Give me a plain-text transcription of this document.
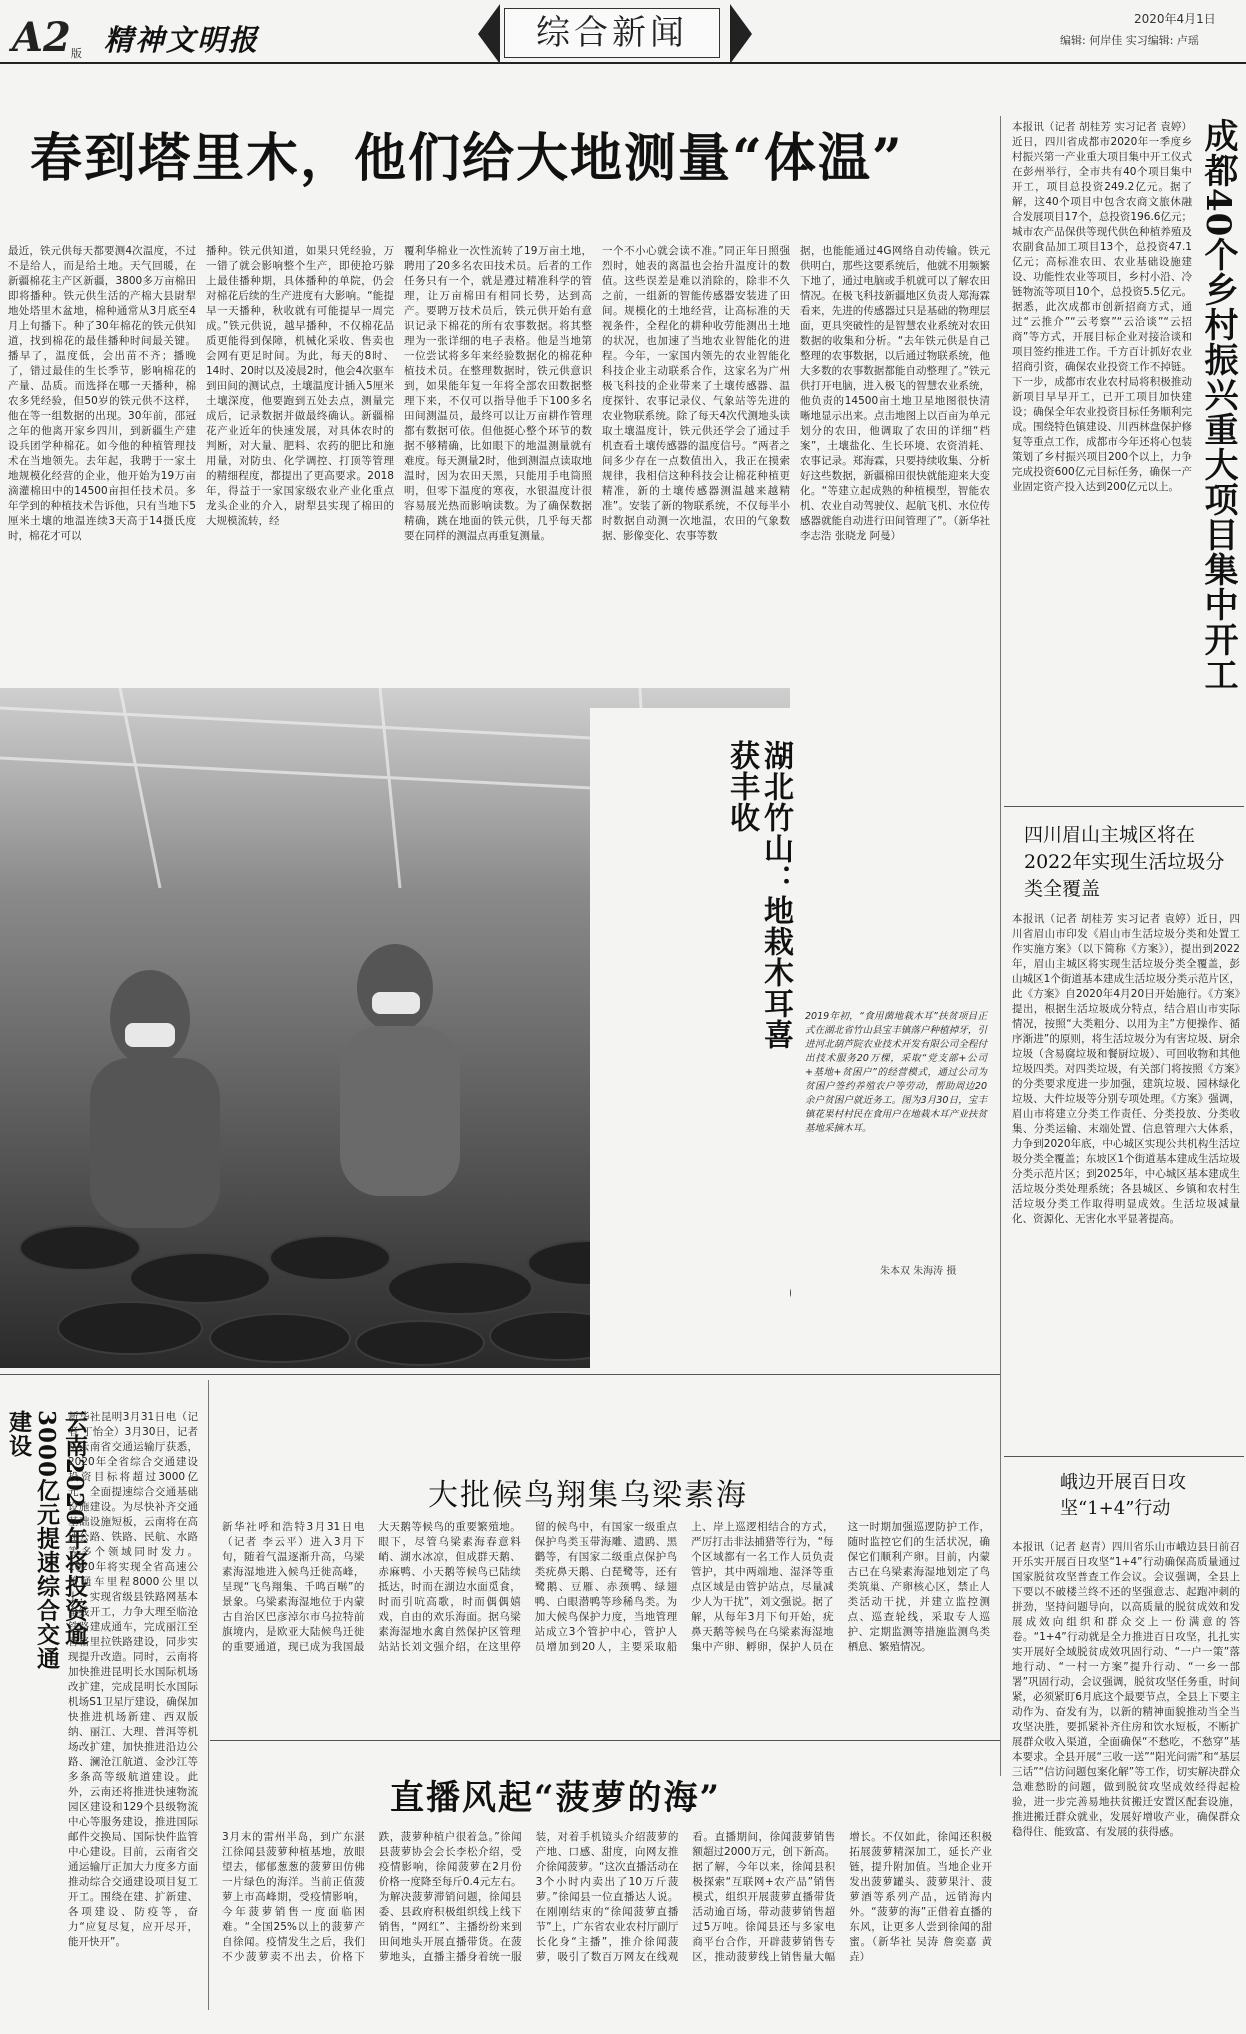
A2版 精神文明报	综合新闻	2020年4月1日
编辑: 何岸佳 实习编辑: 卢瑶
春到塔里木，他们给大地测量“体温”
最近，铁元供每天都要测4次温度，不过不是给人，而是给土地。天气回暖，在新疆棉花主产区新疆，3800多万亩棉田即将播种。铁元供生活的产棉大县尉犁地处塔里木盆地，棉种通常从3月底至4月上旬播下。种了30年棉花的铁元供知道，找到棉花的最佳播种时间最关键。播早了，温度低，会出苗不齐；播晚了，错过最佳的生长季节，影响棉花的产量、品质。而选择在哪一天播种，棉农多凭经验，但50岁的铁元供不这样，他在等一组数据的出现。30年前，邵冠之年的他离开家乡四川，到新疆生产建设兵团学种棉花。如今他的种植管理技术在当地领先。去年起，我聘于一家土地规模化经营的企业，他开始为19万亩滴灌棉田中的14500亩担任技术员。多年学到的种植技术告诉他，只有当地下5厘米土壤的地温连续3天高于14摄氏度时，棉花才可以
播种。铁元供知道，如果只凭经验，万一错了就会影响整个生产，即使抢巧躲上最佳播种期，具体播种的单院，仍会对棉花后续的生产进度有大影响。“能提早一天播种，秋收就有可能提早一周完成。”铁元供说，越早播种，不仅棉花品质更能得到保障，机械化采收、售卖也会网有更足时间。为此，每天的8时、14时、20时以及凌晨2时，他会4次驱车到田间的测试点，土壤温度计插入5厘米土壤深度，他要跑到五处去点，测量完成后，记录数据并做最终确认。新疆棉花产业近年的快速发展，对具体农时的判断，对大量、肥料、农药的肥比和施用量，对防虫、化学调控、打顶等管理的精细程度，都提出了更高要求。2018年，得益于一家国家级农业产业化重点龙头企业的介入，尉犁县实现了棉田的大规模流转，经
覆利华棉业一次性流转了19万亩土地，聘用了20多名农田技术员。后者的工作任务只有一个，就是遵过精准科学的管理，让万亩棉田有相同长势，达到高产。要聘万技术员后，铁元供开始有意识记录下棉花的所有农事数据。将其整理为一张详细的电子表格。他是当地第一位尝试将多年来经验数据化的棉花种植技术员。在整理数据时，铁元供意识到，如果能年复一年将全部农田数据整理下来，不仅可以指导他手下100多名田间测温员，最终可以让万亩耕作管理都有数据可依。但他挺心整个环节的数据不够精确，比如眼下的地温测量就有难度。每天测量2时，他到测温点读取地温时，因为农田天黑，只能用手电筒照明，但零下温度的寒夜，水银温度计很容易展光热而影响读数。为了确保数据精确，跳在地面的铁元供，几乎每天都要在同样的测温点再重复测量。
一个不小心就会读不准。”同正年日照强烈时，她表的离温也会抬升温度计的数值。这些误差是难以消除的，除非不久之前，一组新的智能传感器安装进了田间。规模化的土地经营，让高标准的天视条件，全程化的耕种收劳能测出土地的状况，也加速了当地农业智能化的进程。今年，一家国内领先的农业智能化科技企业主动联系合作，这家名为广州极飞科技的企业带来了土壤传感器、温度探针、农事记录仪、气象站等先进的农业物联系统。除了每天4次代测地头读取土壤温度计，铁元供还学会了通过手机查看土壤传感器的温度信号。“两者之间多少存在一点数值出入，我正在摸索规律，我相信这种科技会让棉花种植更精准，新的土壤传感器测温越来越精准”。安装了新的物联系统，不仅每半小时数据自动测一次地温，农田的气象数据、影像变化、农事等数
据，也能能通过4G网络自动传输。铁元供明白，那些这要系统后，他就不用频繁下地了，通过电脑或手机就可以了解农田情况。在极飞科技新疆地区负责人郑海霖看来，先进的传感器过只是基础的物理层面，更具突破性的是智慧农业系统对农田数据的收集和分析。“去年铁元供是自己整理的农事数据，以后通过物联系统，他大多数的农事数据都能自动整理了。”铁元供打开电脑，进入极飞的智慧农业系统，他负责的14500亩土地卫星地图很快清晰地显示出来。点击地图上以百亩为单元划分的农田，他调取了农田的详细“档案”，土壤盐化、生长环境、农资消耗、农事记录。郑海霖，只要持续收集、分析好这些数据，新疆棉田很快就能迎来大变化。“等建立起成熟的种植模型，智能农机、农业自动驾驶仪、起航飞机、水位传感器就能自动进行田间管理了”。（新华社 李志浩 张晓龙 阿曼）	成都40个乡村振兴重大项目集中开工
本报讯（记者 胡桂芳 实习记者 袁婷）近日，四川省成都市2020年一季度乡村振兴第一产业重大项目集中开工仪式在彭州举行，全市共有40个项目集中开工，项目总投资249.2亿元。据了解，这40个项目中包含农商文旅休融合发展项目17个，总投资196.6亿元；城市农产品保供等现代供色种植养殖及农副食品加工项目13个，总投资47.1亿元；高标准农田、农业基础设施建设、功能性农业等项目，乡村小沿、冷链物流等项目10个，总投资5.5亿元。据悉，此次成都市创新招商方式，通过“云推介”“云考察”“云洽谈”“云招商”等方式，开展目标企业对接洽谈和项目签约推进工作。千方百计抓好农业招商引资，确保农业投资工作不掉链。下一步，成都市农业农村局将积极推动新项目早早开工，已开工项目加快建设；确保全年农业投资目标任务顺利完成。围绕特色镇建设、川西林盘保护修复等重点工作，成都市今年还将心包装策划了乡村振兴项目200个以上，力争完成投资600亿元目标任务，确保一产业固定资产投入达到200亿元以上。
湖北竹山：地栽木耳喜获丰收
2019年初，“食用菌地栽木耳”扶贫项目正式在湖北省竹山县宝丰镇落户种植掉牙，引进河北葫芦院农业技术开发有限公司全程付出技术服务20万棵，采取“党支部+公司+基地+贫困户”的经营模式，通过公司为贫困户签约养殖农户等劳动，帮助周边20余户贫困户就近务工。图为3月30日，宝丰镇花果村村民在食用户在地栽木耳产业扶贫基地采摘木耳。
朱本双 朱海涛 摄
四川眉山主城区将在2022年实现生活垃圾分类全覆盖
本报讯（记者 胡桂芳 实习记者 袁婷）近日，四川省眉山市印发《眉山市生活垃圾分类和处置工作实施方案》（以下简称《方案》），提出到2022年，眉山主城区将实现生活垃圾分类全覆盖，彭山城区1个街道基本建成生活垃圾分类示范片区，此《方案》自2020年4月20日开始施行。《方案》提出，根据生活垃圾成分特点，结合眉山市实际情况，按照“大类粗分、以用为主”方便操作、循序渐进”的原则，将生活垃圾分为有害垃圾、厨余垃圾（含易腐垃圾和餐厨垃圾）、可回收物和其他垃圾四类。对四类垃圾，有关部门将按照《方案》的分类要求度进一步加强，建筑垃圾、园林绿化垃圾、大件垃圾等分别专项处理。《方案》强调，眉山市将建立分类工作责任、分类投放、分类收集、分类运输、末端处置、信息管理六大体系，力争到2020年底，中心城区实现公共机构生活垃圾分类全覆盖；东坡区1个街道基本建成生活垃圾分类示范片区；到2025年，中心城区基本建成生活垃圾分类处理系统；各县城区、乡镇和农村生活垃圾分类工作取得明显成效。生活垃圾减量化、资源化、无害化水平显著提高。
云南2020年将投资逾3000亿元提速综合交通建设	新华社昆明3月31日电（记者 丁怡全）3月30日，记者从云南省交通运输厅获悉，2020年全省综合交通建设投资目标将超过3000亿元，全面提速综合交通基础设施建设。为尽快补齐交通基础设施短板，云南将在高速公路、铁路、民航、水路等多个领域同时发力。2020年将实现全省高速公路通车里程8000公里以上；实现省级县铁路网基本全线开工，力争大理至临沧铁路建成通车，完成丽江至香格里拉铁路建设，同步实现提升改造。同时，云南将加快推进昆明长水国际机场改扩建，完成昆明长水国际机场S1卫星厅建设，确保加快推进机场新建、西双版纳、丽江、大理、普洱等机场改扩建，加快推进沿边公路、澜沧江航道、金沙江等多条高等级航道建设。此外，云南还将推进快速物流园区建设和129个县级物流中心等服务建设，推进国际邮件交换局、国际快件监管中心建设。目前，云南省交通运输厅正加大力度多方面推动综合交通建设项目复工开工。围绕在建、扩新建、各项建设、防疫等，奋力“应复尽复，应开尽开，能开快开”。
大批候鸟翔集乌梁素海
新华社呼和浩特3月31日电（记者 李云平）进入3月下旬，随着气温逐渐升高，乌梁素海湿地进入候鸟迁徙高峰，呈现“飞鸟翔集、千鸣百啭”的景象。乌梁素海湿地位于内蒙古自治区巴彦淖尔市乌拉特前旗境内，是欧亚大陆候鸟迁徙的重要通道，现已成为我国最大天鹅等候鸟的重要繁殖地。眼下，尽管乌梁素海春意料峭、湖水冰凉，但成群天鹅、赤麻鸭、小天鹅等候鸟已陆续抵达，时而在湖边水面觅食，时而引吭高歌，时而偶偶嬉戏，自由的欢乐海面。据乌梁素海湿地水禽自然保护区管理站站长刘文强介绍，在这里停留的候鸟中，有国家一级重点保护鸟类玉带海雕、遗鸥、黑鹳等，有国家二级重点保护鸟类疣鼻天鹅、白琵鹭等，还有鹭鹅、豆雁、赤颈鸭、绿翅鸭、白眼潜鸭等珍稀鸟类。为加大候鸟保护力度，当地管理站成立3个管护中心，管护人员增加到20人，主要采取船上、岸上巡逻相结合的方式，严厉打击非法捕猎等行为，“每个区域都有一名工作人员负责管护，其中两端地、湿泽等重点区域是由管护站点，尽量减少人为干扰”，刘文强说。据了解，从每年3月下旬开始，疣鼻天鹅等候鸟在乌梁素海湿地集中产卵、孵卵，保护人员在这一时期加强巡逻防护工作，随时监控它们的生活状况，确保它们顺利产卵。目前，内蒙古已在乌梁素海湿地划定了鸟类筑巢、产卵核心区，禁止人类活动干扰，并建立监控测点、巡查轮线，采取专人巡护、定期监测等措施监测鸟类栖息、繁殖情况。
峨边开展百日攻坚“1+4”行动
本报讯（记者 赵青）四川省乐山市峨边县日前召开乐实开展百日攻坚“1+4”行动确保高质量通过国家脱贫攻坚普查工作会议。会议强调，全县上下要以不破楼兰终不还的坚强意志、起跑冲刺的拼劲，坚持问题导向，以高质量的脱贫成效和发展成效向组织和群众交上一份满意的答卷。“1+4”行动就是全力推进百日攻坚，扎扎实实开展好全域脱贫成效巩固行动、“一户一策”落地行动、“一村一方案”提升行动、“一乡一部署”巩固行动，会议强调，脱贫攻坚任务重，时间紧，必须紧盯6月底这个最要节点，全县上下要主动作为、奋发有为，以新的精神面貌推动当全当攻坚决胜，要抓紧补齐住房和饮水短板，不断扩展群众收入渠道，全面确保“不愁吃，不愁穿”基本要求。全县开展“三收一送”“阳光问需”和“基层三话”“信访问题包案化解”等工作，切实解决群众急难愁盼的问题，做到脱贫攻坚成效经得起检验，进一步完善易地扶贫搬迁安置区配套设施，推进搬迁群众就业，发展好增收产业，确保群众稳得住、能致富、有发展的获得感。
直播风起“菠萝的海”
3月末的雷州半岛，到广东湛江徐闻县菠萝种植基地，放眼望去，郁郁葱葱的菠萝田仿佛一片绿色的海洋。当前正值菠萝上市高峰期，受疫情影响，今年菠萝销售一度面临困难。“全国25%以上的菠萝产自徐闻。疫情发生之后，我们不少菠萝卖不出去，价格下跌，菠萝种植户很着急。”徐闻县菠萝协会会长李松介绍，受疫情影响，徐闻菠萝在2月份价格一度降至每斤0.4元左右。为解决菠萝滞销问题，徐闻县委、县政府积极组织线上线下销售，“网红”、主播纷纷来到田间地头开展直播带货。在菠萝地头，直播主播身着统一服装，对着手机镜头介绍菠萝的产地、口感、甜度，向网友推介徐闻菠萝。“这次直播活动在3个小时内卖出了10万斤菠萝。”徐闻县一位直播达人说。在刚刚结束的“徐闻菠萝直播节”上，广东省农业农村厅副厅长化身“主播”，推介徐闻菠萝，吸引了数百万网友在线观看。直播期间，徐闻菠萝销售额超过2000万元，创下新高。据了解，今年以来，徐闻县积极探索“互联网+农产品”销售模式，组织开展菠萝直播带货活动逾百场，带动菠萝销售超过5万吨。徐闻县还与多家电商平台合作，开辟菠萝销售专区，推动菠萝线上销售量大幅增长。不仅如此，徐闻还积极拓展菠萝精深加工，延长产业链，提升附加值。当地企业开发出菠萝罐头、菠萝果汁、菠萝酒等系列产品，远销海内外。“菠萝的海”正借着直播的东风，让更多人尝到徐闻的甜蜜。（新华社 吴涛 詹奕嘉 黄垚）
